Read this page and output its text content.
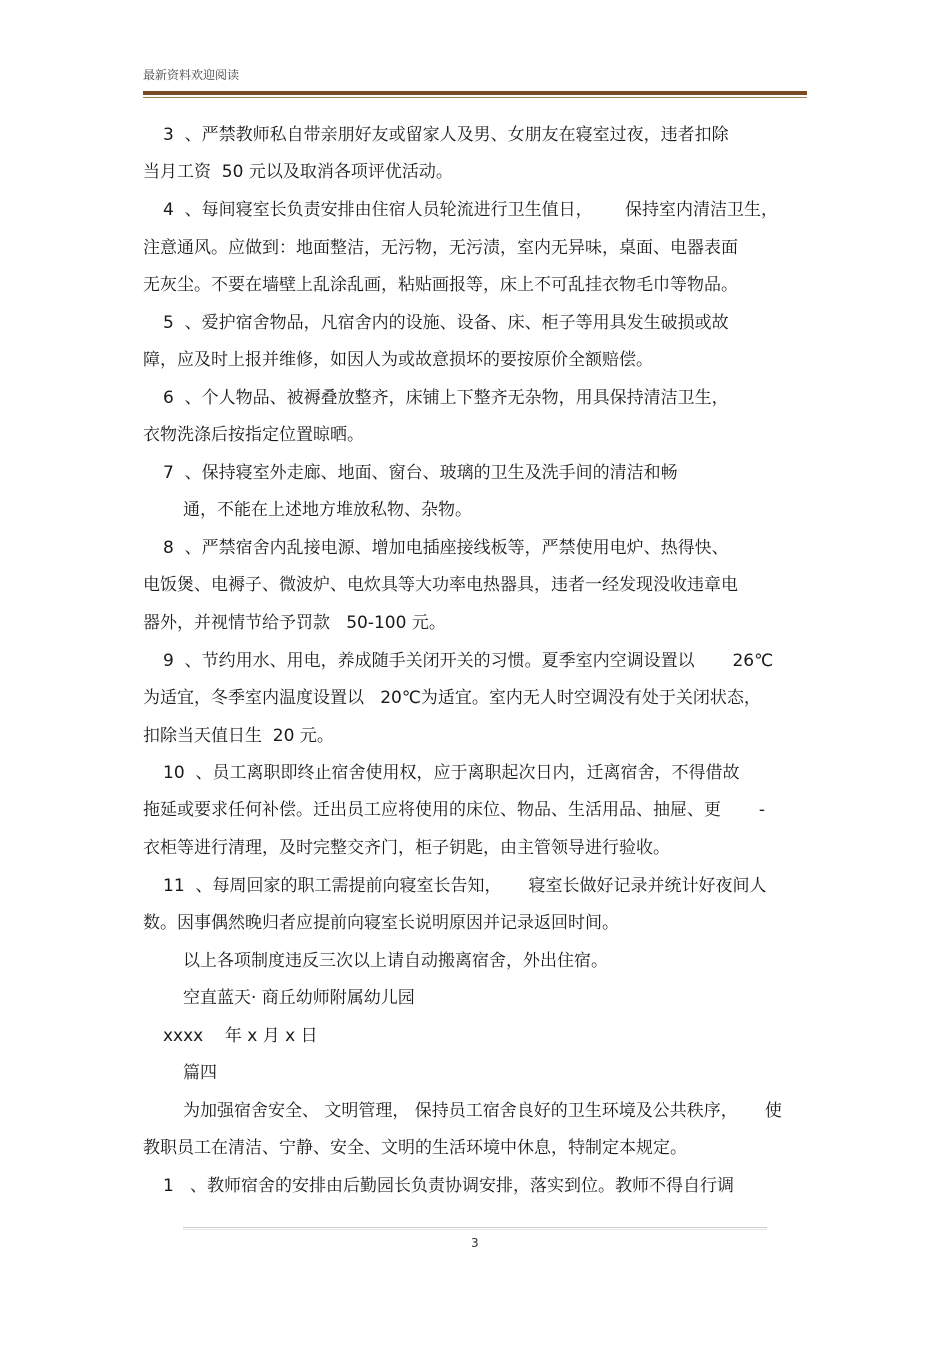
最新资料欢迎阅读
3  、严禁教师私自带亲朋好友或留家人及男、女朋友在寝室过夜，违者扣除
当月工资  50 元以及取消各项评优活动。
4  、每间寝室长负责安排由住宿人员轮流进行卫生值日，      保持室内清洁卫生，
注意通风。应做到：地面整洁，无污物，无污渍，室内无异味，桌面、电器表面
无灰尘。不要在墙壁上乱涂乱画，粘贴画报等，床上不可乱挂衣物毛巾等物品。
5  、爱护宿舍物品，凡宿舍内的设施、设备、床、柜子等用具发生破损或故
障，应及时上报并维修，如因人为或故意损坏的要按原价全额赔偿。
6  、个人物品、被褥叠放整齐，床铺上下整齐无杂物，用具保持清洁卫生，
衣物洗涤后按指定位置晾晒。
7  、保持寝室外走廊、地面、窗台、玻璃的卫生及洗手间的清洁和畅
通，不能在上述地方堆放私物、杂物。
8  、严禁宿舍内乱接电源、增加电插座接线板等，严禁使用电炉、热得快、
电饭煲、电褥子、微波炉、电炊具等大功率电热器具，违者一经发现没收违章电
器外，并视情节给予罚款   50-100 元。
9  、节约用水、用电，养成随手关闭开关的习惯。夏季室内空调设置以       26℃
为适宜，冬季室内温度设置以   20℃为适宜。室内无人时空调没有处于关闭状态，
扣除当天值日生  20 元。
10  、员工离职即终止宿舍使用权，应于离职起次日内，迁离宿舍，不得借故
拖延或要求任何补偿。迁出员工应将使用的床位、物品、生活用品、抽屉、更       -
衣柜等进行清理，及时完整交齐门，柜子钥匙，由主管领导进行验收。
11  、每周回家的职工需提前向寝室长告知，     寝室长做好记录并统计好夜间人
数。因事偶然晚归者应提前向寝室长说明原因并记录返回时间。
以上各项制度违反三次以上请自动搬离宿舍，外出住宿。
空直蓝天· 商丘幼师附属幼儿园
xxxx    年 x 月 x 日
篇四
为加强宿舍安全、 文明管理， 保持员工宿舍良好的卫生环境及公共秩序，     使
教职员工在清洁、宁静、安全、文明的生活环境中休息，特制定本规定。
1   、教师宿舍的安排由后勤园长负责协调安排，落实到位。教师不得自行调
3
